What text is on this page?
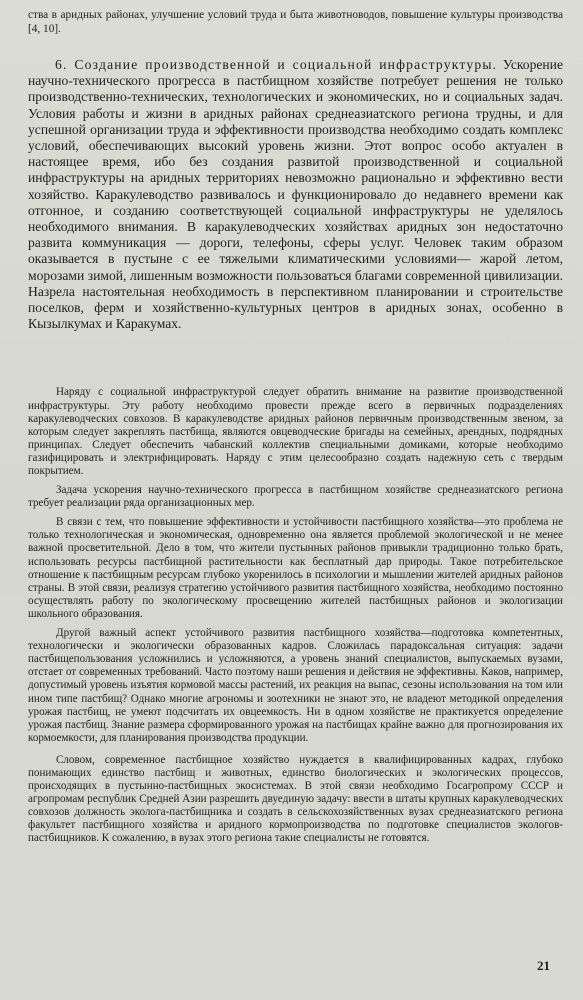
ства в аридных районах, улучшение условий труда и быта животноводов, повышение культуры производства [4, 10].

6. Создание производственной и социальной инфраструктуры. Ускорение научно-технического прогресса в пастбищном хозяйстве потребует решения не только производственно-технических, технологических и экономических, но и социальных задач. Условия работы и жизни в аридных районах среднеазиатского региона трудны, и для успешной организации труда и эффективности производства необходимо создать комплекс условий, обеспечивающих высокий уровень жизни. Этот вопрос особо актуален в настоящее время, ибо без создания развитой производственной и социальной инфраструктуры на аридных территориях невозможно рационально и эффективно вести хозяйство. Каракулеводство развивалось и функционировало до недавнего времени как отгонное, и созданию соответствующей социальной инфраструктуры не уделялось необходимого внимания. В каракулеводческих хозяйствах аридных зон недостаточно развита коммуникация — дороги, телефоны, сферы услуг. Человек таким образом оказывается в пустыне с ее тяжелыми климатическими условиями— жарой летом, морозами зимой, лишенным возможности пользоваться благами современной цивилизации. Назрела настоятельная необходимость в перспективном планировании и строительстве поселков, ферм и хозяйственно-культурных центров в аридных зонах, особенно в Кызылкумах и Каракумах.

Наряду с социальной инфраструктурой следует обратить внимание на развитие производственной инфраструктуры. Эту работу необходимо провести прежде всего в первичных подразделениях каракулеводческих совхозов. В каракулеводстве аридных районов первичным производственным звеном, за которым следует закреплять пастбища, являются овцеводческие бригады на семейных, арендных, подрядных принципах. Следует обеспечить чабанский коллектив специальными домиками, которые необходимо газифицировать и электрифицировать. Наряду с этим целесообразно создать надежную сеть с твердым покрытием.

Задача ускорения научно-технического прогресса в пастбищном хозяйстве среднеазиатского региона требует реализации ряда организационных мер.

В связи с тем, что повышение эффективности и устойчивости пастбищного хозяйства—это проблема не только технологическая и экономическая, одновременно она является проблемой экологической и не менее важной просветительной. Дело в том, что жители пустынных районов привыкли традиционно только брать, использовать ресурсы пастбищной растительности как бесплатный дар природы. Такое потребительское отношение к пастбищным ресурсам глубоко укоренилось в психологии и мышлении жителей аридных районов страны. В этой связи, реализуя стратегию устойчивого развития пастбищного хозяйства, необходимо постоянно осуществлять работу по экологическому просвещению жителей пастбищных районов и экологизации школьного образования.

Другой важный аспект устойчивого развития пастбищного хозяйства—подготовка компетентных, технологически и экологически образованных кадров. Сложилась парадоксальная ситуация: задачи пастбищепользования усложнились и усложняются, а уровень знаний специалистов, выпускаемых вузами, отстает от современных требований. Часто поэтому наши решения и действия не эффективны. Каков, например, допустимый уровень изъятия кормовой массы растений, их реакция на выпас, сезоны использования на том или ином типе пастбищ? Однако многие агрономы и зоотехники не знают это, не владеют методикой определения урожая пастбищ, не умеют подсчитать их овцеемкость. Ни в одном хозяйстве не практикуется определение урожая пастбищ. Знание размера сформированного урожая на пастбищах крайне важно для прогнозирования их кормоемкости, для планирования производства продукции.

Словом, современное пастбищное хозяйство нуждается в квалифицированных кадрах, глубоко понимающих единство пастбищ и животных, единство биологических и экологических процессов, происходящих в пустынно-пастбищных экосистемах. В этой связи необходимо Госагропрому СССР и агропромам республик Средней Азии разрешить двуединую задачу: ввести в штаты крупных каракулеводческих совхозов должность эколога-пастбищника и создать в сельскохозяйственных вузах среднеазиатского региона факультет пастбищного хозяйства и аридного кормопроизводства по подготовке специалистов экологов-пастбищников. К сожалению, в вузах этого региона такие специалисты не готовятся.

21
